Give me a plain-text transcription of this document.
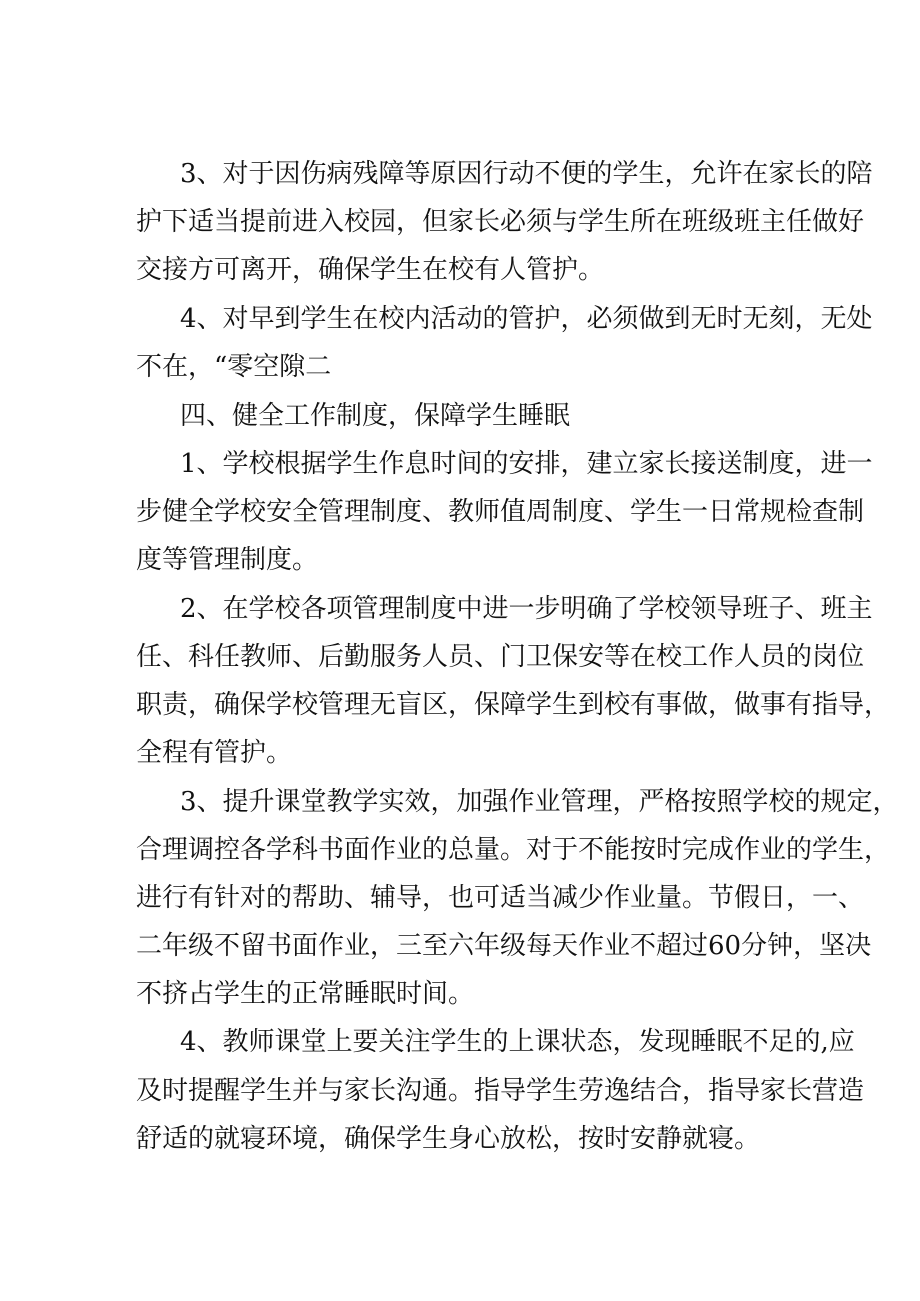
3、对于因伤病残障等原因行动不便的学生，允许在家长的陪
护下适当提前进入校园，但家长必须与学生所在班级班主任做好
交接方可离开，确保学生在校有人管护。
4、对早到学生在校内活动的管护，必须做到无时无刻，无处
不在，“零空隙二
四、健全工作制度，保障学生睡眠
1、学校根据学生作息时间的安排，建立家长接送制度，进一
步健全学校安全管理制度、教师值周制度、学生一日常规检查制
度等管理制度。
2、在学校各项管理制度中进一步明确了学校领导班子、班主
任、科任教师、后勤服务人员、门卫保安等在校工作人员的岗位
职责，确保学校管理无盲区，保障学生到校有事做，做事有指导，
全程有管护。
3、提升课堂教学实效，加强作业管理，严格按照学校的规定，
合理调控各学科书面作业的总量。对于不能按时完成作业的学生，
进行有针对的帮助、辅导，也可适当减少作业量。节假日，一、
二年级不留书面作业，三至六年级每天作业不超过60分钟，坚决
不挤占学生的正常睡眠时间。
4、教师课堂上要关注学生的上课状态，发现睡眠不足的,应
及时提醒学生并与家长沟通。指导学生劳逸结合，指导家长营造
舒适的就寝环境，确保学生身心放松，按时安静就寝。
